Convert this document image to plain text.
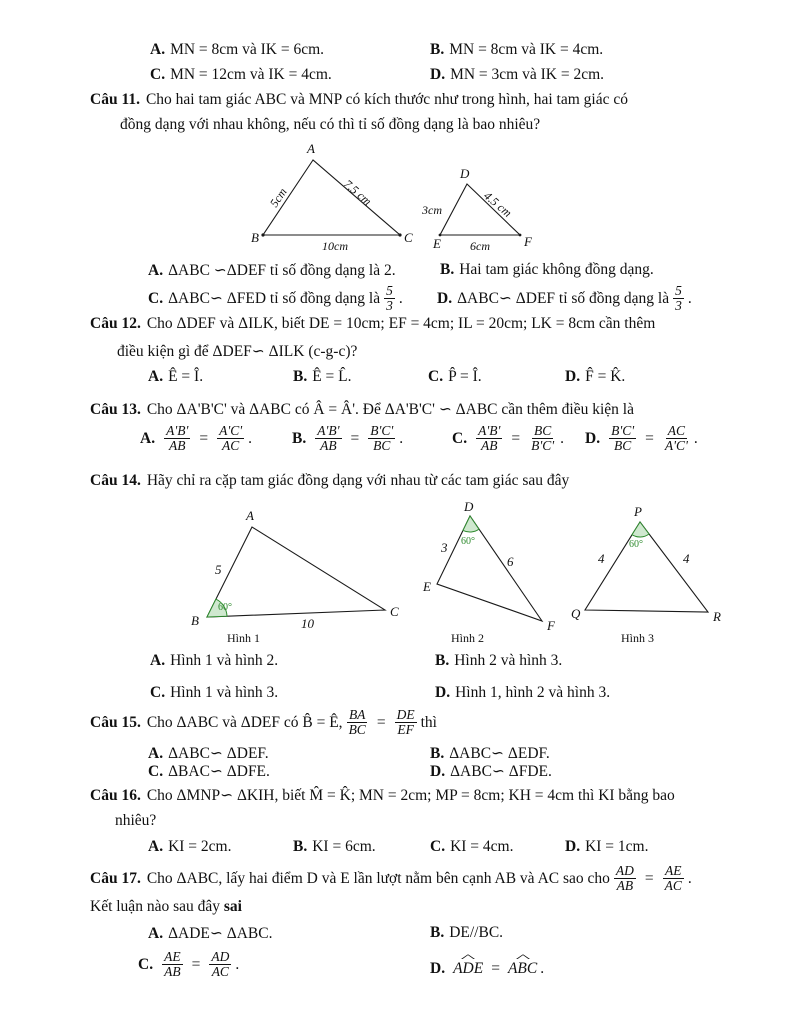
A. MN = 8cm và IK = 6cm.	B. MN = 8cm và IK = 4cm.
C. MN = 12cm và IK = 4cm.	D. MN = 3cm và IK = 2cm.
Câu 11. Cho hai tam giác ABC và MNP có kích thước như trong hình, hai tam giác có
đồng dạng với nhau không, nếu có thì tỉ số đồng dạng là bao nhiêu?
A
B	C
10cm
5cm	7.5 cm
D
E	F
3cm	4.5 cm
6cm
A. ΔABC ∽ΔDEF tỉ số đồng dạng là 2.	B. Hai tam giác không đồng dạng.
C. ΔABC∽ ΔFED tỉ số đồng dạng là $\frac{5}{3}$ . D. ΔABC∽ ΔDEF tỉ số đồng dạng là $\frac{5}{3}$ .
Câu 12. Cho ΔDEF và ΔILK, biết DE = 10cm; EF = 4cm; IL = 20cm; LK = 8cm cần thêm
điều kiện gì để ΔDEF∽ ΔILK (c-g-c)?
A. Ê = Î.	B. Ê = L̂.	C. P̂ = Î.	D. F̂ = K̂.
Câu 13. Cho ΔA'B'C' và ΔABC có Â = Â'. Để ΔA'B'C' ∽ ΔABC cần thêm điều kiện là
A. $\frac{A'B'}{AB} = \frac{A'C'}{AC}$ .	B. $\frac{A'B'}{AB} = \frac{B'C'}{BC}$ .	C. $\frac{A'B'}{AB} = \frac{BC}{B'C'}$ . D. $\frac{B'C'}{BC} = \frac{AC}{A'C'}$ .
Câu 14. Hãy chỉ ra cặp tam giác đồng dạng với nhau từ các tam giác sau đây
A
B
C
5
10
60°
D
E
F
3
6
60°
P
Q	R
4	4
60°
Hình 1	Hình 2	Hình 3
A. Hình 1 và hình 2.	B. Hình 2 và hình 3.
C. Hình 1 và hình 3.	D. Hình 1, hình 2 và hình 3.
Câu 15. Cho ΔABC và ΔDEF có B̂ = Ê, $\frac{BA}{BC} = \frac{DE}{EF}$ thì
A. ΔABC∽ ΔDEF.	B. ΔABC∽ ΔEDF.
C. ΔBAC∽ ΔDFE.	D. ΔABC∽ ΔFDE.
Câu 16. Cho ΔMNP∽ ΔKIH, biết M̂ = K̂; MN = 2cm; MP = 8cm; KH = 4cm thì KI bằng bao
nhiêu?
A. KI = 2cm.	B. KI = 6cm.	C. KI = 4cm.	D. KI = 1cm.
Câu 17. Cho ΔABC, lấy hai điểm D và E lần lượt nằm bên cạnh AB và AC sao cho $\frac{AD}{AB} = \frac{AE}{AC}$ .
Kết luận nào sau đây sai
A. ΔADE∽ ΔABC.	B. DE//BC.
C. $\frac{AE}{AB} = \frac{AD}{AC}$ .	D. ADE ^ = ABC ^ .
